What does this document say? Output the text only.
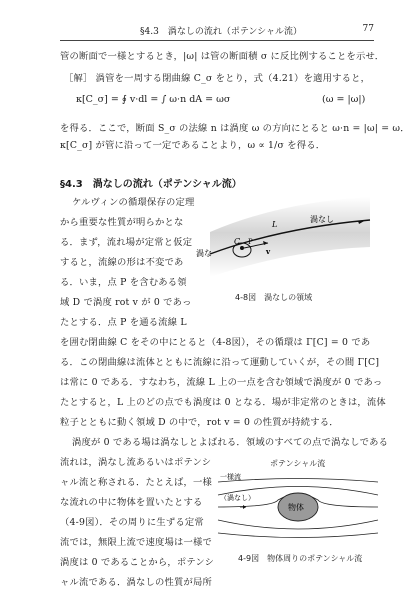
§4.3　渦なしの流れ（ポテンシャル流）	77
管の断面で一様とするとき，|ω| は管の断面積 σ に反比例することを示せ．
［解］ 渦管を一周する閉曲線 C_σ をとり，式（4.21）を適用すると，
κ[C_σ] = ∮ v·dl = ∫ ω·n dA = ωσ	(ω = |ω|)
を得る．ここで，断面 S_σ の法線 n は渦度 ω の方向にとると ω·n = |ω| = ω．
κ[C_σ] が管に沿って一定であることより，ω ∝ 1/σ を得る．
§4.3　渦なしの流れ（ポテンシャル流）
ケルヴィンの循環保存の定理
から重要な性質が明らかとな
る．まず，流れ場が定常と仮定
すると，流線の形は不変であ
る．いま，点 P を含むある領
域 D で渦度 rot v が 0 であっ
たとする．点 P を通る流線 L
L
C P
v
渦なし
渦な
4-8図　渦なしの領域
を囲む閉曲線 C をその中にとると（4-8図），その循環は Γ[C] = 0 であ
る．この閉曲線は流体とともに流線に沿って運動していくが，その間 Γ[C]
は常に 0 である．すなわち，流線 L 上の一点を含む領域で渦度が 0 であっ
たとすると，L 上のどの点でも渦度は 0 となる．場が非定常のときは，流体
粒子とともに動く領域 D の中で，rot v = 0 の性質が持続する．
渦度が 0 である場は渦なしとよばれる．領域のすべての点で渦なしである
流れは，渦なし流あるいはポテンシ
ャル流と称される．たとえば，一様
な流れの中に物体を置いたとする
（4-9図）．その周りに生ずる定常
流では，無限上流で速度場は一様で
渦度は 0 であることから，ポテンシ
ャル流である．渦なしの性質が局所
物体
一様流
（渦なし）
ポテンシャル流
4-9図　物体周りのポテンシャル流
